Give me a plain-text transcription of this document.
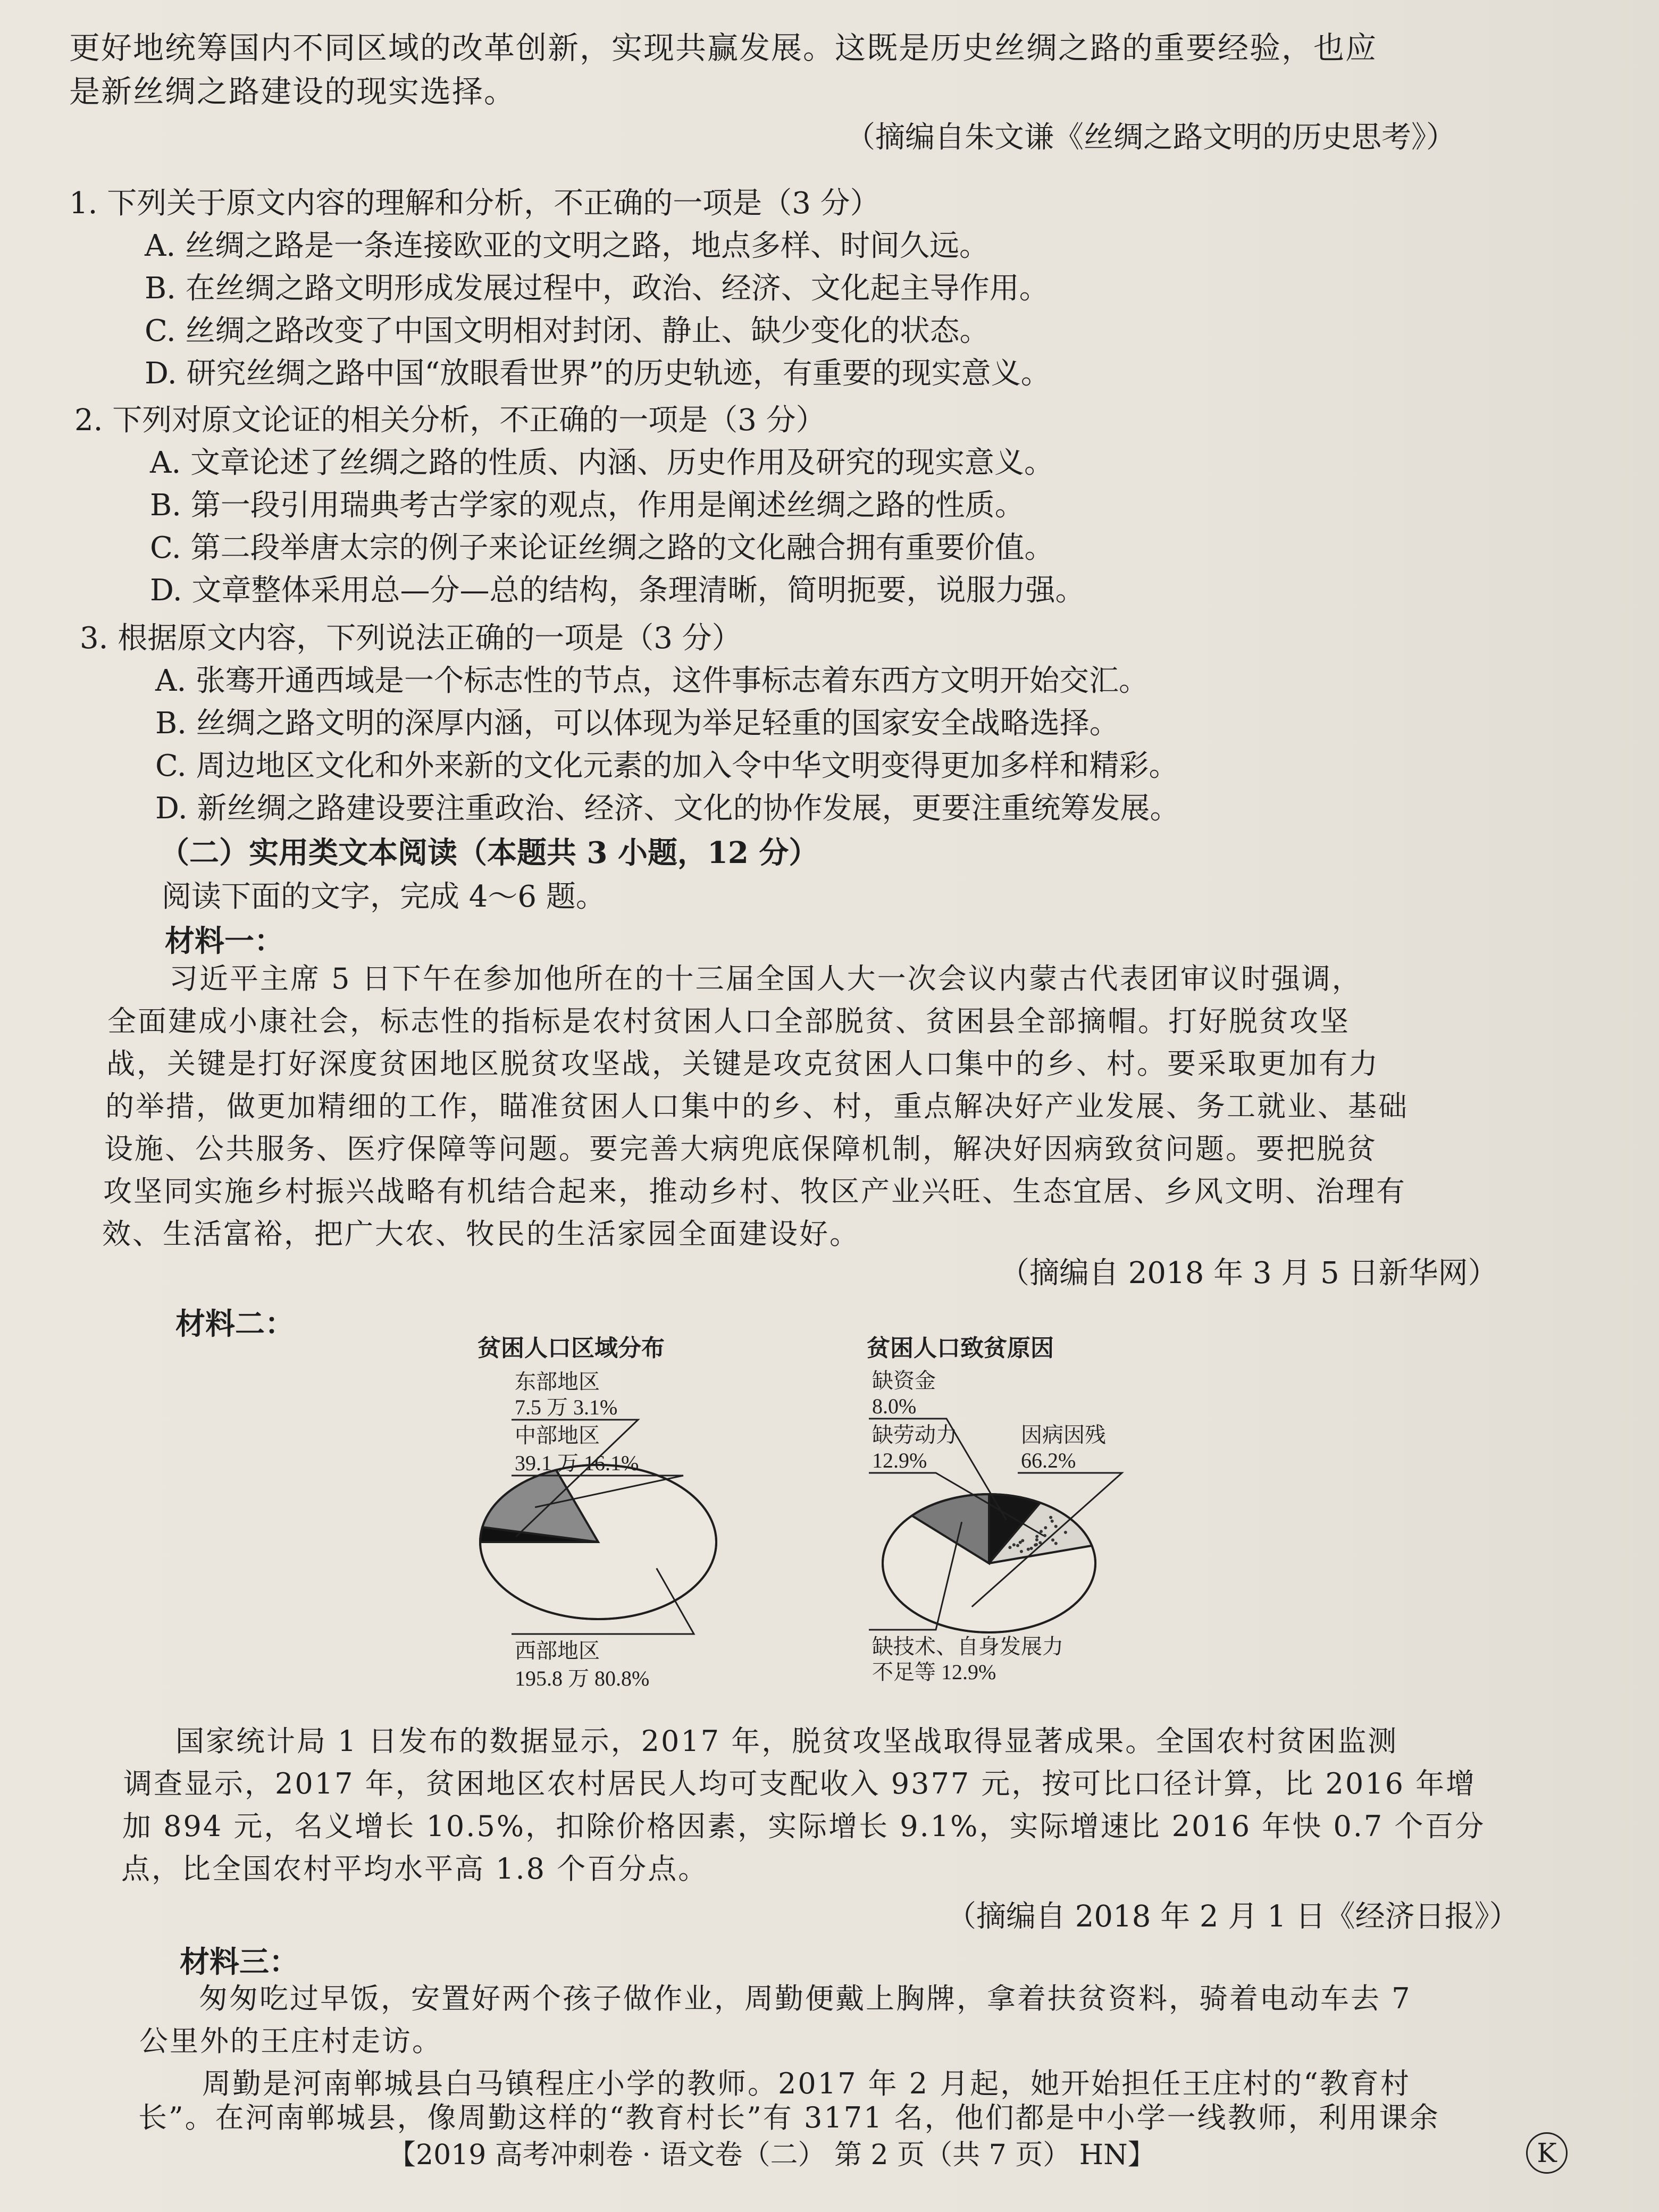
更好地统筹国内不同区域的改革创新，实现共赢发展。这既是历史丝绸之路的重要经验，也应
是新丝绸之路建设的现实选择。
（摘编自朱文谦《丝绸之路文明的历史思考》）
1. 下列关于原文内容的理解和分析，不正确的一项是（3 分）
A. 丝绸之路是一条连接欧亚的文明之路，地点多样、时间久远。
B. 在丝绸之路文明形成发展过程中，政治、经济、文化起主导作用。
C. 丝绸之路改变了中国文明相对封闭、静止、缺少变化的状态。
D. 研究丝绸之路中国“放眼看世界”的历史轨迹，有重要的现实意义。
2. 下列对原文论证的相关分析，不正确的一项是（3 分）
A. 文章论述了丝绸之路的性质、内涵、历史作用及研究的现实意义。
B. 第一段引用瑞典考古学家的观点，作用是阐述丝绸之路的性质。
C. 第二段举唐太宗的例子来论证丝绸之路的文化融合拥有重要价值。
D. 文章整体采用总—分—总的结构，条理清晰，简明扼要，说服力强。
3. 根据原文内容，下列说法正确的一项是（3 分）
A. 张骞开通西域是一个标志性的节点，这件事标志着东西方文明开始交汇。
B. 丝绸之路文明的深厚内涵，可以体现为举足轻重的国家安全战略选择。
C. 周边地区文化和外来新的文化元素的加入令中华文明变得更加多样和精彩。
D. 新丝绸之路建设要注重政治、经济、文化的协作发展，更要注重统筹发展。
（二）实用类文本阅读（本题共 3 小题，12 分）
阅读下面的文字，完成 4～6 题。
材料一：
习近平主席 5 日下午在参加他所在的十三届全国人大一次会议内蒙古代表团审议时强调，
全面建成小康社会，标志性的指标是农村贫困人口全部脱贫、贫困县全部摘帽。打好脱贫攻坚
战，关键是打好深度贫困地区脱贫攻坚战，关键是攻克贫困人口集中的乡、村。要采取更加有力
的举措，做更加精细的工作，瞄准贫困人口集中的乡、村，重点解决好产业发展、务工就业、基础
设施、公共服务、医疗保障等问题。要完善大病兜底保障机制，解决好因病致贫问题。要把脱贫
攻坚同实施乡村振兴战略有机结合起来，推动乡村、牧区产业兴旺、生态宜居、乡风文明、治理有
效、生活富裕，把广大农、牧民的生活家园全面建设好。
（摘编自 2018 年 3 月 5 日新华网）
材料二：
贫困人口区域分布
东部地区
7.5 万 3.1%
中部地区
39.1 万 16.1%
西部地区
195.8 万 80.8%
贫困人口致贫原因
缺资金
8.0%
缺劳动力
12.9%
因病因残
66.2%
缺技术、自身发展力
不足等 12.9%
国家统计局 1 日发布的数据显示，2017 年，脱贫攻坚战取得显著成果。全国农村贫困监测
调查显示，2017 年，贫困地区农村居民人均可支配收入 9377 元，按可比口径计算，比 2016 年增
加 894 元，名义增长 10.5%，扣除价格因素，实际增长 9.1%，实际增速比 2016 年快 0.7 个百分
点，比全国农村平均水平高 1.8 个百分点。
（摘编自 2018 年 2 月 1 日《经济日报》）
材料三：
匆匆吃过早饭，安置好两个孩子做作业，周勤便戴上胸牌，拿着扶贫资料，骑着电动车去 7
公里外的王庄村走访。
周勤是河南郸城县白马镇程庄小学的教师。2017 年 2 月起，她开始担任王庄村的“教育村
长”。在河南郸城县，像周勤这样的“教育村长”有 3171 名，他们都是中小学一线教师，利用课余
【2019 高考冲刺卷 · 语文卷（二） 第 2 页（共 7 页） HN】	K
